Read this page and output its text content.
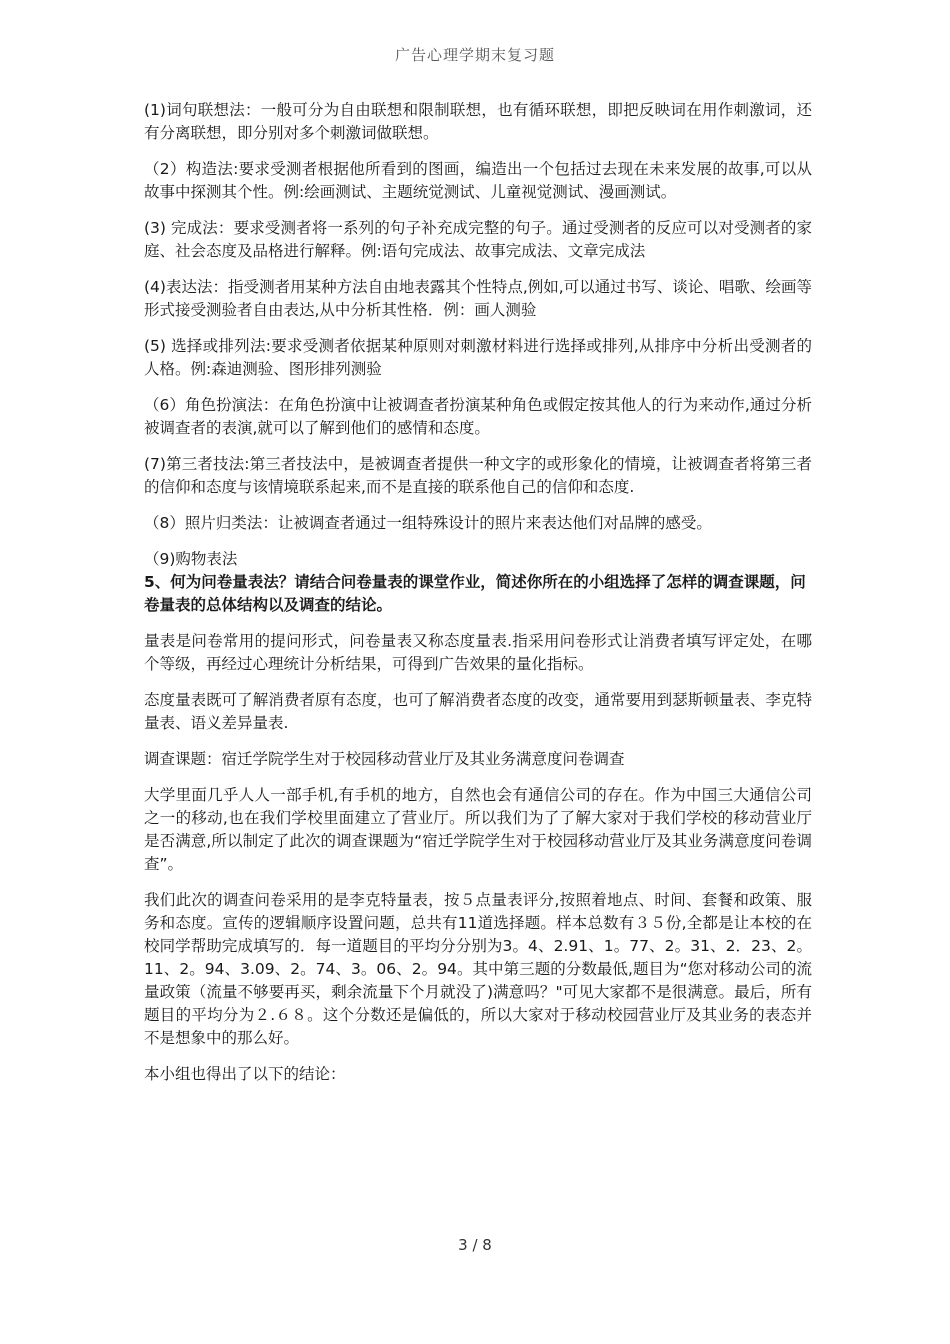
广告心理学期末复习题

(1)词句联想法：一般可分为自由联想和限制联想，也有循环联想，即把反映词在用作刺激词，还有分离联想，即分别对多个刺激词做联想。

（2）构造法:要求受测者根据他所看到的图画，编造出一个包括过去现在未来发展的故事,可以从故事中探测其个性。例:绘画测试、主题统觉测试、儿童视觉测试、漫画测试。

(3) 完成法：要求受测者将一系列的句子补充成完整的句子。通过受测者的反应可以对受测者的家庭、社会态度及品格进行解释。例:语句完成法、故事完成法、文章完成法

(4)表达法：指受测者用某种方法自由地表露其个性特点,例如,可以通过书写、谈论、唱歌、绘画等形式接受测验者自由表达,从中分析其性格．例：画人测验

(5) 选择或排列法:要求受测者依据某种原则对刺激材料进行选择或排列,从排序中分析出受测者的人格。例:森迪测验、图形排列测验

（6）角色扮演法：在角色扮演中让被调查者扮演某种角色或假定按其他人的行为来动作,通过分析被调查者的表演,就可以了解到他们的感情和态度。

(7)第三者技法:第三者技法中，是被调查者提供一种文字的或形象化的情境，让被调查者将第三者的信仰和态度与该情境联系起来,而不是直接的联系他自己的信仰和态度.

（8）照片归类法：让被调查者通过一组特殊设计的照片来表达他们对品牌的感受。

（9)购物表法

5、何为问卷量表法？请结合问卷量表的课堂作业，简述你所在的小组选择了怎样的调查课题，问卷量表的总体结构以及调查的结论。

量表是问卷常用的提问形式，问卷量表又称态度量表.指采用问卷形式让消费者填写评定处，在哪个等级，再经过心理统计分析结果，可得到广告效果的量化指标。

态度量表既可了解消费者原有态度，也可了解消费者态度的改变，通常要用到瑟斯顿量表、李克特量表、语义差异量表.

调查课题：宿迁学院学生对于校园移动营业厅及其业务满意度问卷调查

大学里面几乎人人一部手机,有手机的地方，自然也会有通信公司的存在。作为中国三大通信公司之一的移动,也在我们学校里面建立了营业厅。所以我们为了了解大家对于我们学校的移动营业厅是否满意,所以制定了此次的调查课题为“宿迁学院学生对于校园移动营业厅及其业务满意度问卷调查”。

我们此次的调查问卷采用的是李克特量表，按５点量表评分,按照着地点、时间、套餐和政策、服务和态度。宣传的逻辑顺序设置问题，总共有11道选择题。样本总数有３５份,全都是让本校的在校同学帮助完成填写的．每一道题目的平均分分别为3。4、2.91、1。77、2。31、2．23、2。11、2。94、3.09、2。74、3。06、2。94。其中第三题的分数最低,题目为“您对移动公司的流量政策（流量不够要再买，剩余流量下个月就没了)满意吗？"可见大家都不是很满意。最后，所有题目的平均分为２.６８。这个分数还是偏低的，所以大家对于移动校园营业厅及其业务的表态并不是想象中的那么好。

本小组也得出了以下的结论：

3 / 8
